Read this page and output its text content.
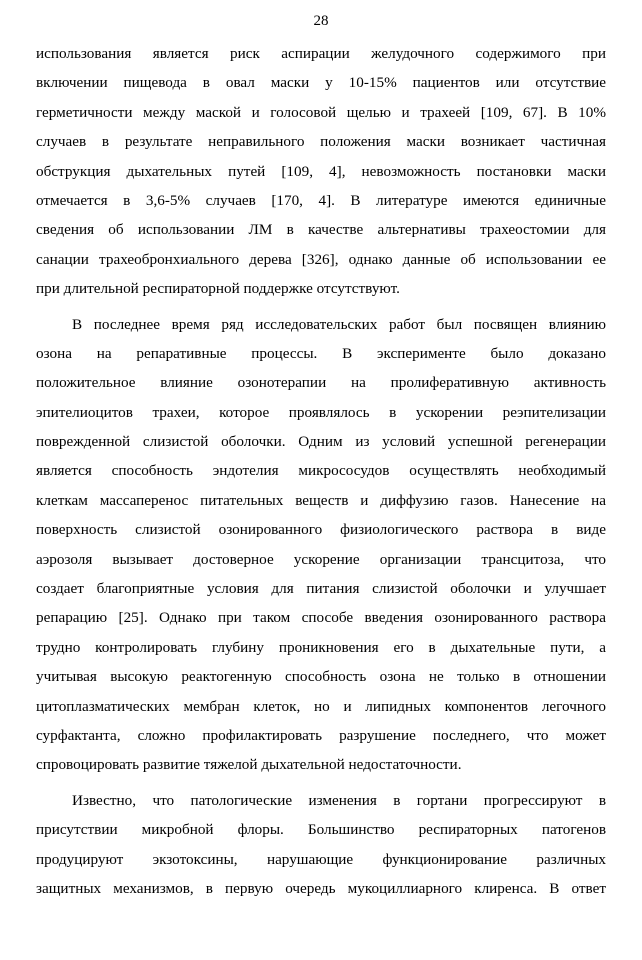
28
использования является риск аспирации желудочного содержимого при
включении пищевода в овал маски у 10-15% пациентов или отсутствие
герметичности между маской и голосовой щелью и трахеей [109, 67]. В 10%
случаев в результате неправильного положения маски возникает частичная
обструкция дыхательных путей [109, 4], невозможность постановки маски
отмечается в 3,6-5% случаев [170, 4]. В литературе имеются единичные
сведения об использовании ЛМ в качестве альтернативы трахеостомии для
санации трахеобронхиального дерева [326], однако данные об использовании ее
при длительной респираторной поддержке отсутствуют.
В последнее время ряд исследовательских работ был посвящен влиянию
озона на репаративные процессы. В эксперименте было доказано
положительное влияние озонотерапии на пролиферативную активность
эпителиоцитов трахеи, которое проявлялось в ускорении реэпителизации
поврежденной слизистой оболочки. Одним из условий успешной регенерации
является способность эндотелия микрососудов осуществлять необходимый
клеткам массаперенос питательных веществ и диффузию газов. Нанесение на
поверхность слизистой озонированного физиологического раствора в виде
аэрозоля вызывает достоверное ускорение организации трансцитоза, что
создает благоприятные условия для питания слизистой оболочки и улучшает
репарацию [25]. Однако при таком способе введения озонированного раствора
трудно контролировать глубину проникновения его в дыхательные пути, а
учитывая высокую реактогенную способность озона не только в отношении
цитоплазматических мембран клеток, но и липидных компонентов легочного
сурфактанта, сложно профилактировать разрушение последнего, что может
спровоцировать развитие тяжелой дыхательной недостаточности.
Известно, что патологические изменения в гортани прогрессируют в
присутствии микробной флоры. Большинство респираторных патогенов
продуцируют экзотоксины, нарушающие функционирование различных
защитных механизмов, в первую очередь мукоциллиарного клиренса. В ответ
